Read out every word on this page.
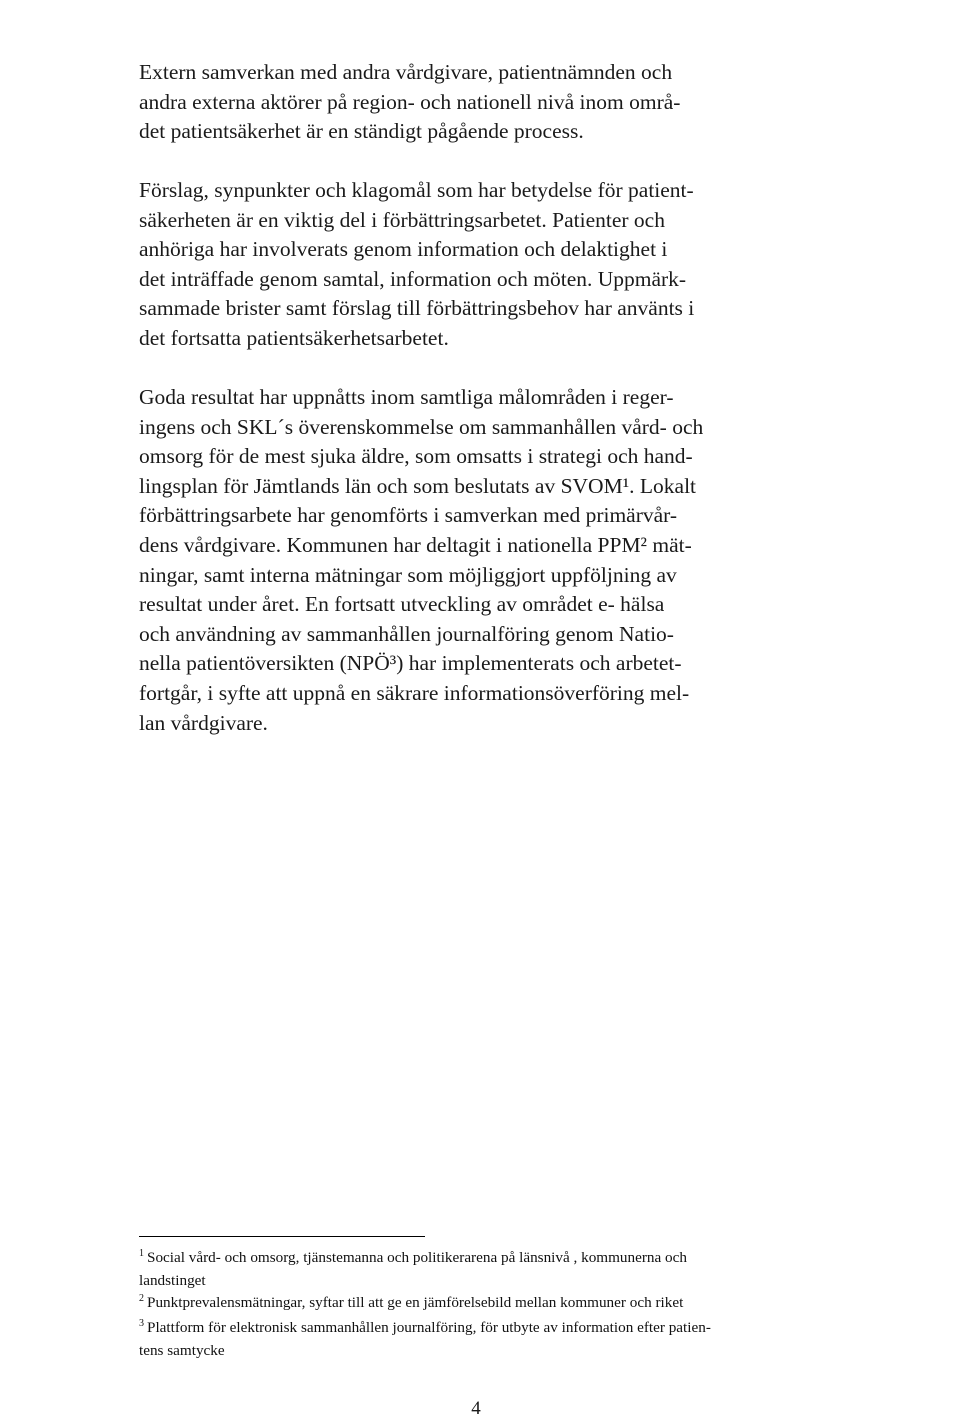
Extern samverkan med andra vårdgivare, patientnämnden och
andra externa aktörer på region- och nationell nivå inom områ-
det patientsäkerhet är en ständigt pågående process.
Förslag, synpunkter och klagomål som har betydelse för patient-
säkerheten är en viktig del i förbättringsarbetet. Patienter och
anhöriga har involverats genom information och delaktighet i
det inträffade genom samtal, information och möten. Uppmärk-
sammade brister samt förslag till förbättringsbehov har använts i
det fortsatta patientsäkerhetsarbetet.
Goda resultat har uppnåtts inom samtliga målområden i reger-
ingens och SKL´s överenskommelse om sammanhållen vård- och
omsorg för de mest sjuka äldre, som omsatts i strategi och hand-
lingsplan för Jämtlands län och som beslutats av SVOM¹. Lokalt
förbättringsarbete har genomförts i samverkan med primärvår-
dens vårdgivare. Kommunen har deltagit i nationella PPM² mät-
ningar, samt interna mätningar som möjliggjort uppföljning av
resultat under året. En fortsatt utveckling av området e- hälsa
och användning av sammanhållen journalföring genom Natio-
nella patientöversikten (NPÖ³) har implementerats och arbetet-
fortgår, i syfte att uppnå en säkrare informationsöverföring mel-
lan vårdgivare.
$^1$ Social vård- och omsorg, tjänstemanna och politikerarena på länsnivå , kommunerna och
landstinget
$^2$ Punktprevalensmätningar, syftar till att ge en jämförelsebild mellan kommuner och riket
$^3$ Plattform för elektronisk sammanhållen journalföring, för utbyte av information efter patien-
tens samtycke
4
